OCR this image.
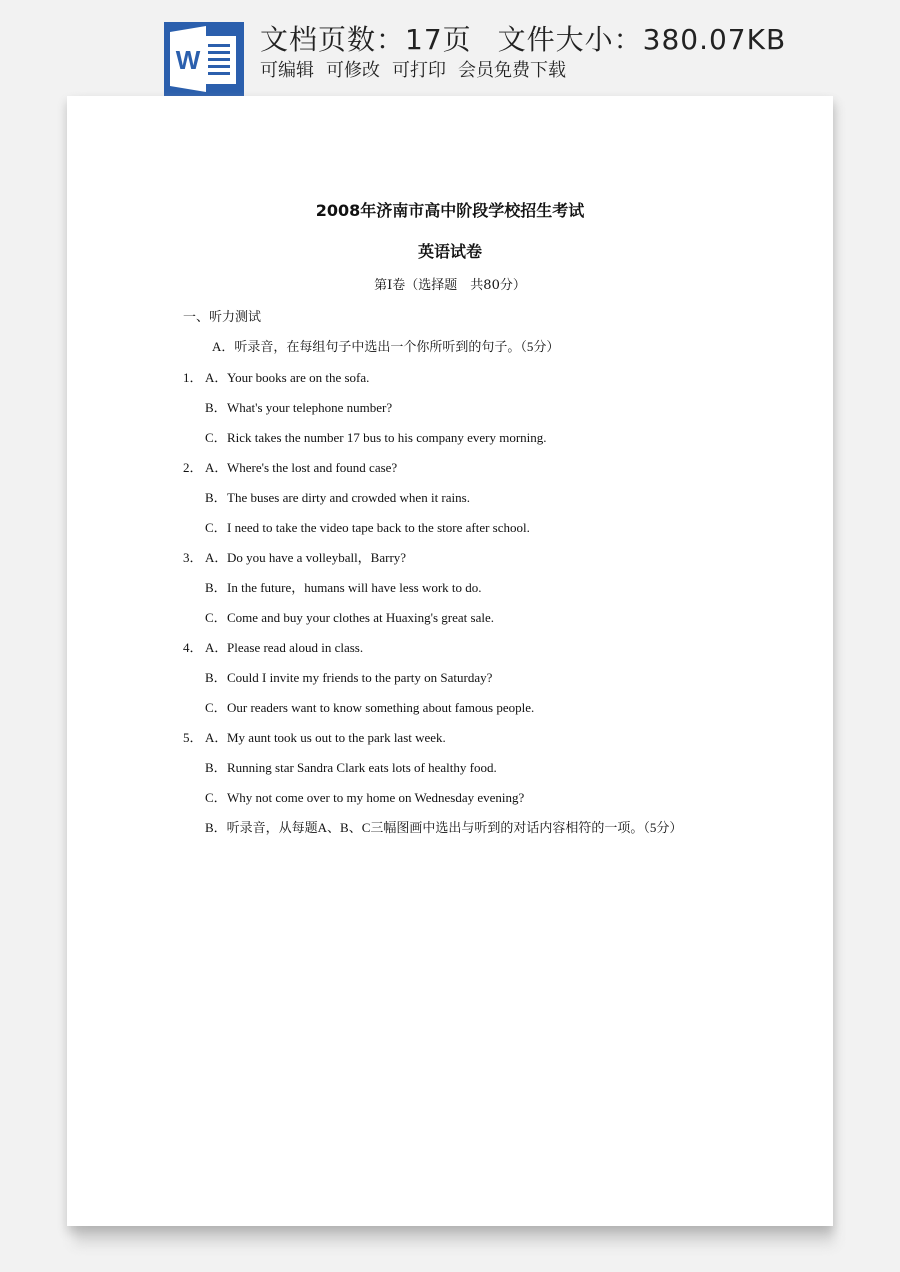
W
文档页数：17页 文件大小：380.07KB
可编辑 可修改 可打印 会员免费下载
2008年济南市高中阶段学校招生考试
英语试卷
第Ⅰ卷（选择题　共80分）
一、听力测试
A．听录音，在每组句子中选出一个你所听到的句子。（5分）
1． A．Your books are on the sofa.
B．What's your telephone number?
C．Rick takes the number 17 bus to his company every morning.
2． A．Where's the lost and found case?
B．The buses are dirty and crowded when it rains.
C．I need to take the video tape back to the store after school.
3． A．Do you have a volleyball，Barry?
B．In the future，humans will have less work to do.
C．Come and buy your clothes at Huaxing's great sale.
4． A．Please read aloud in class.
B．Could I invite my friends to the party on Saturday?
C．Our readers want to know something about famous people.
5． A．My aunt took us out to the park last week.
B．Running star Sandra Clark eats lots of healthy food.
C．Why not come over to my home on Wednesday evening?
B．听录音，从每题A、B、C三幅图画中选出与听到的对话内容相符的一项。（5分）
